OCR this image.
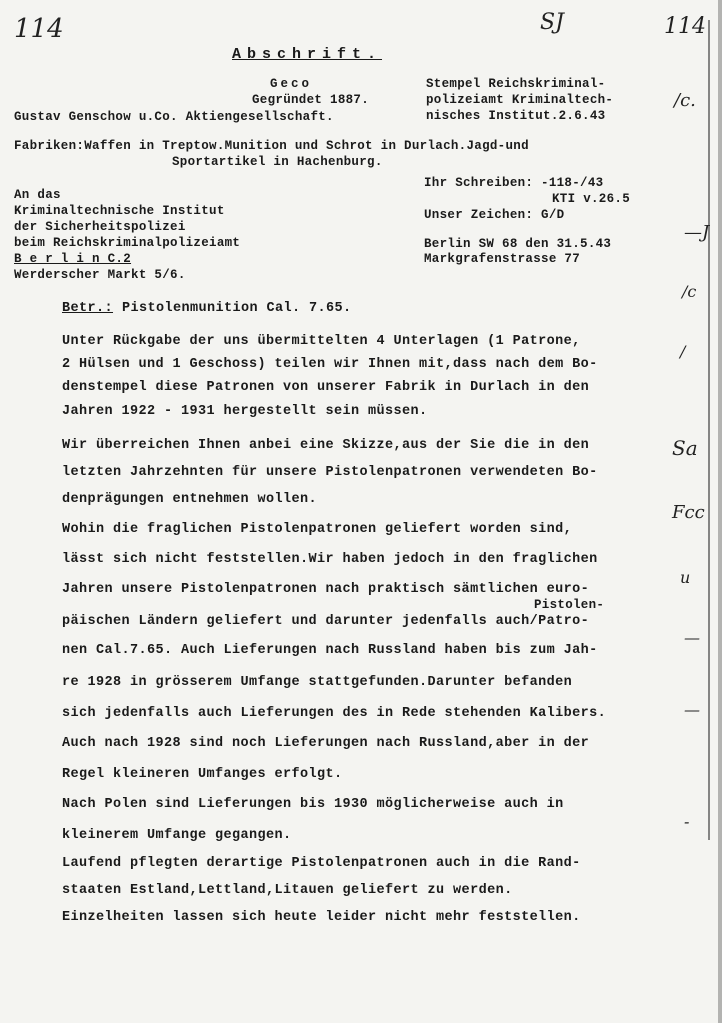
114	SJ	114
Abschrift.
Geco
Gegründet 1887.
Gustav Genschow u.Co. Aktiengesellschaft.
Stempel Reichskriminal-
polizeiamt Kriminaltech-
nisches Institut.2.6.43
Fabriken:Waffen in Treptow.Munition und Schrot in Durlach.Jagd-und
Sportartikel in Hachenburg.
An das
Kriminaltechnische Institut
der Sicherheitspolizei
beim Reichskriminalpolizeiamt
B e r l i n C.2
Werderscher Markt 5/6.
Ihr Schreiben: -118-/43
KTI v.26.5
Unser Zeichen: G/D
Berlin SW 68 den 31.5.43
Markgrafenstrasse 77
Betr.: Pistolenmunition Cal. 7.65.
Unter Rückgabe der uns übermittelten 4 Unterlagen (1 Patrone,
2 Hülsen und 1 Geschoss) teilen wir Ihnen mit,dass nach dem Bo-
denstempel diese Patronen von unserer Fabrik in Durlach in den
Jahren 1922 - 1931 hergestellt sein müssen.
Wir überreichen Ihnen anbei eine Skizze,aus der Sie die in den
letzten Jahrzehnten für unsere Pistolenpatronen verwendeten Bo-
denprägungen entnehmen wollen.
Wohin die fraglichen Pistolenpatronen geliefert worden sind,
lässt sich nicht feststellen.Wir haben jedoch in den fraglichen
Jahren unsere Pistolenpatronen nach praktisch sämtlichen euro-
Pistolen-
päischen Ländern geliefert und darunter jedenfalls auch/Patro-
nen Cal.7.65. Auch Lieferungen nach Russland haben bis zum Jah-
re 1928 in grösserem Umfange stattgefunden.Darunter befanden
sich jedenfalls auch Lieferungen des in Rede stehenden Kalibers.
Auch nach 1928 sind noch Lieferungen nach Russland,aber in der
Regel kleineren Umfanges erfolgt.
Nach Polen sind Lieferungen bis 1930 möglicherweise auch in
kleinerem Umfange gegangen.
Laufend pflegten derartige Pistolenpatronen auch in die Rand-
staaten Estland,Lettland,Litauen geliefert zu werden.
Einzelheiten lassen sich heute leider nicht mehr feststellen.
/c.
—J
/c
/
Sa
Fcc
u
—
—
-
